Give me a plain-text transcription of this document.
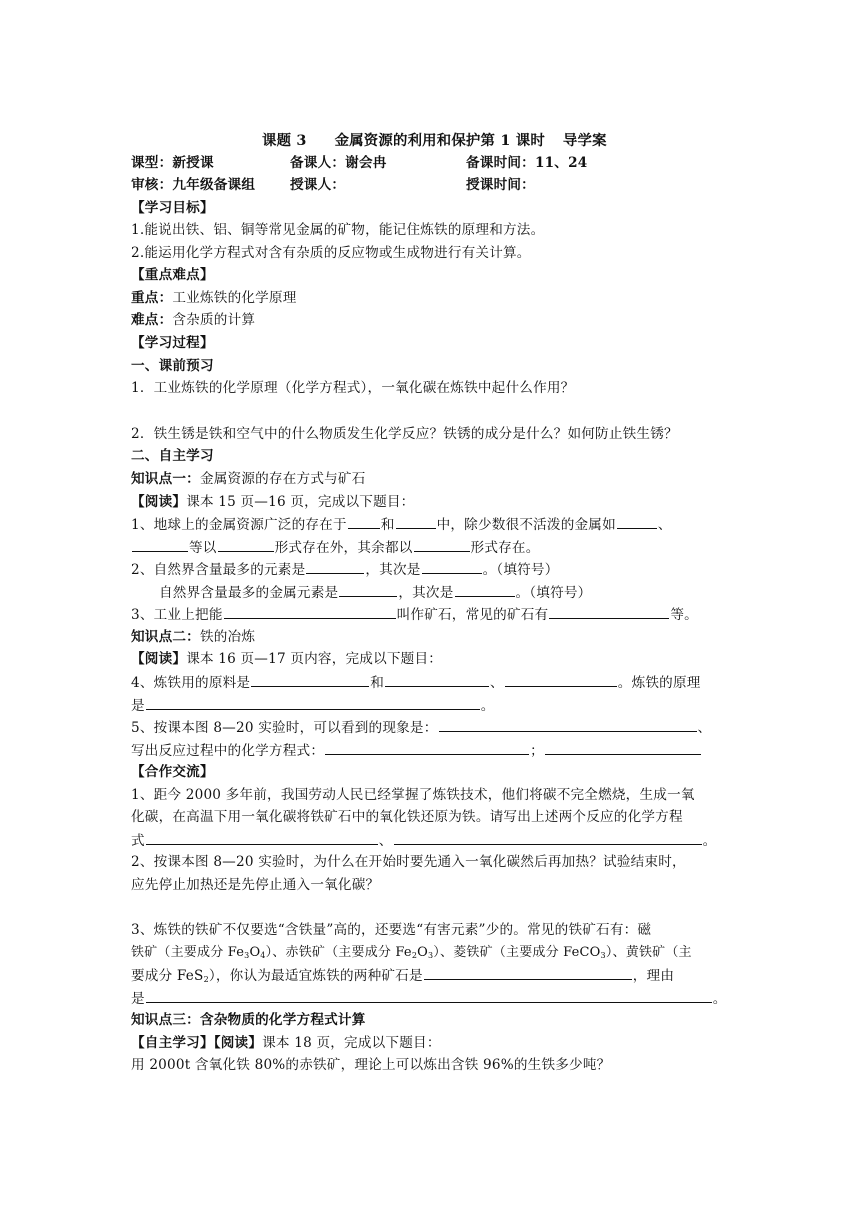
课题 3 金属资源的利用和保护第 1 课时 导学案
课型：新授课	备课人：谢会冉	备课时间：11、24
审核：九年级备课组	授课人：	授课时间：
【学习目标】
1.能说出铁、铝、铜等常见金属的矿物，能记住炼铁的原理和方法。
2.能运用化学方程式对含有杂质的反应物或生成物进行有关计算。
【重点难点】
重点：工业炼铁的化学原理
难点：含杂质的计算
【学习过程】
一、课前预习
1．工业炼铁的化学原理（化学方程式），一氧化碳在炼铁中起什么作用？
2．铁生锈是铁和空气中的什么物质发生化学反应？铁锈的成分是什么？如何防止铁生锈？
二、自主学习
知识点一：金属资源的存在方式与矿石
【阅读】课本 15 页—16 页，完成以下题目：
1、地球上的金属资源广泛的存在于	和	中，除少数很不活泼的金属如	、
等以	形式存在外，其余都以	形式存在。
2、自然界含量最多的元素是	，其次是	。（填符号）
自然界含量最多的金属元素是	，其次是	。（填符号）
3、工业上把能	叫作矿石，常见的矿石有	等。
知识点二：铁的冶炼
【阅读】课本 16 页—17 页内容，完成以下题目：
4、炼铁用的原料是	和	、	。炼铁的原理
是	。
5、按课本图 8—20 实验时，可以看到的现象是：	、
写出反应过程中的化学方程式：	；
【合作交流】
1、距今 2000 多年前，我国劳动人民已经掌握了炼铁技术，他们将碳不完全燃烧，生成一氧
化碳，在高温下用一氧化碳将铁矿石中的氧化铁还原为铁。请写出上述两个反应的化学方程
式	、	。
2、按课本图 8—20 实验时，为什么在开始时要先通入一氧化碳然后再加热？试验结束时，
应先停止加热还是先停止通入一氧化碳？
3、炼铁的铁矿不仅要选“含铁量”高的，还要选“有害元素”少的。常见的铁矿石有：磁
铁矿（主要成分 $Fe_3O_4$）、赤铁矿（主要成分 $Fe_2O_3$）、菱铁矿（主要成分 FeCO$_3$）、黄铁矿（主
要成分 FeS$_2$），你认为最适宜炼铁的两种矿石是	，理由
是	。
知识点三：含杂物质的化学方程式计算
【自主学习】【阅读】课本 18 页，完成以下题目：
用 2000t 含氧化铁 80%的赤铁矿，理论上可以炼出含铁 96%的生铁多少吨？
